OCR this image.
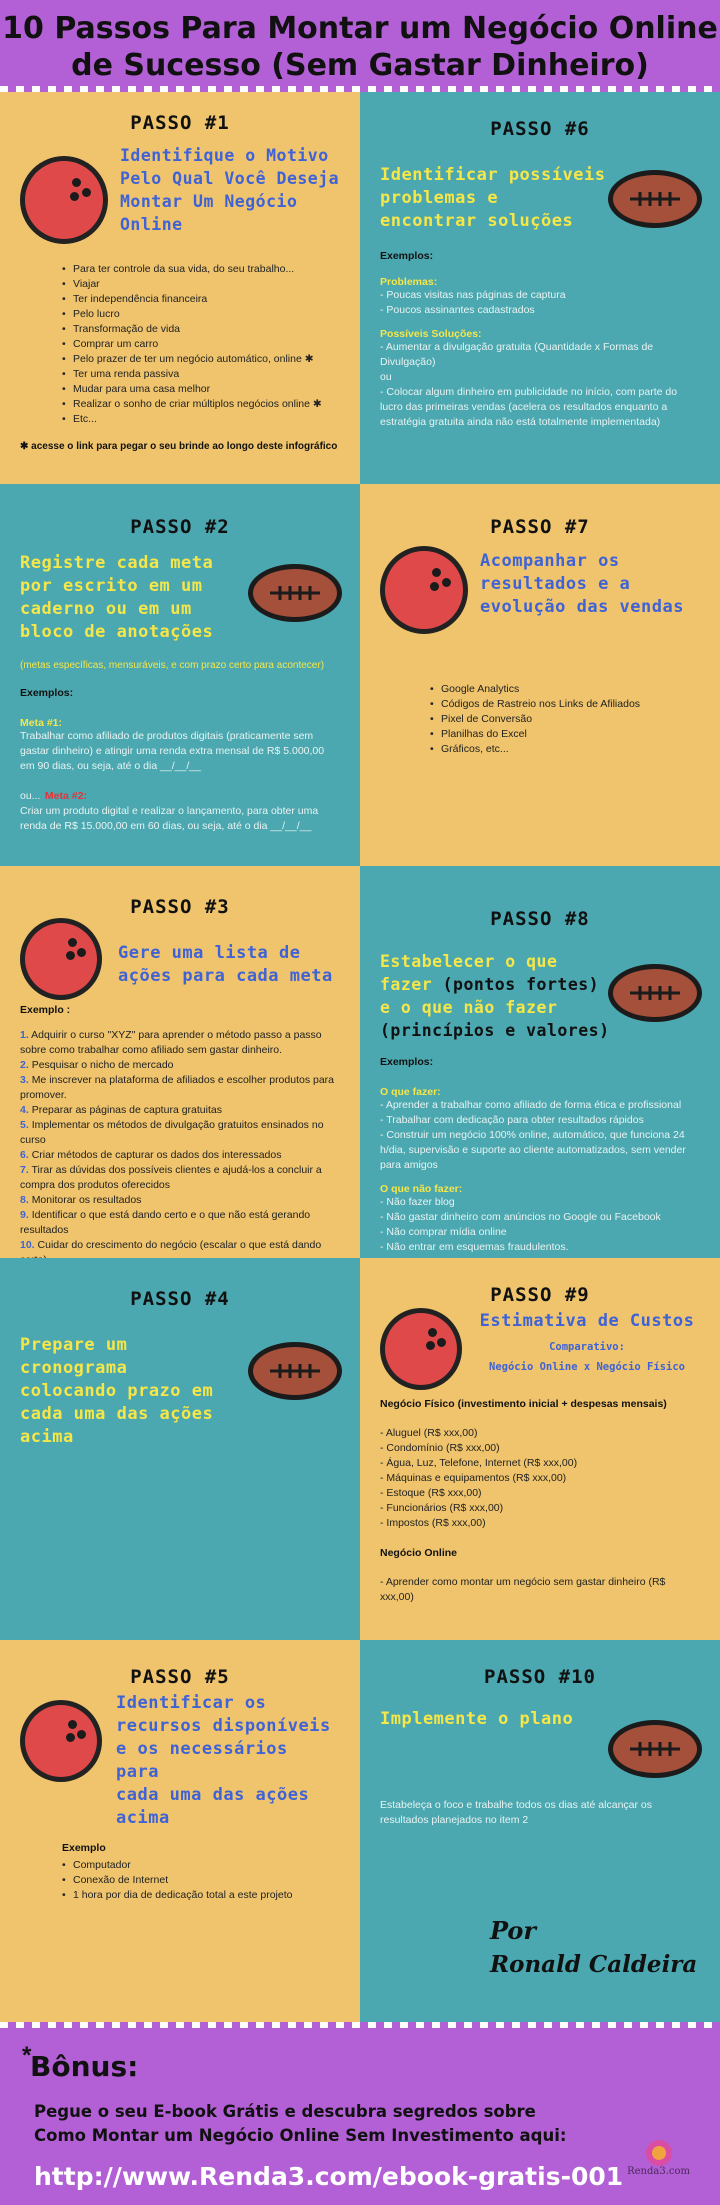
10 Passos Para Montar um Negócio Online
de Sucesso (Sem Gastar Dinheiro)
PASSO #1
Identifique o Motivo
Pelo Qual Você Deseja
Montar Um Negócio
Online
• Para ter controle da sua vida, do seu trabalho...
• Viajar
• Ter independência financeira
• Pelo lucro
• Transformação de vida
• Comprar um carro
• Pelo prazer de ter um negócio automático, online ✱
• Ter uma renda passiva
• Mudar para uma casa melhor
• Realizar o sonho de criar múltiplos negócios online ✱
• Etc...
✱ acesse o link para pegar o seu brinde ao longo deste infográfico
PASSO #6
Identificar possíveis
problemas e
encontrar soluções
Exemplos:
Problemas:
- Poucas visitas nas páginas de captura
- Poucos assinantes cadastrados
Possíveis Soluções:
- Aumentar a divulgação gratuita (Quantidade x Formas de Divulgação)
ou
- Colocar algum dinheiro em publicidade no início, com parte do lucro das primeiras vendas (acelera os resultados enquanto a estratégia gratuita ainda não está totalmente implementada)
PASSO #2
Registre cada meta
por escrito em um
caderno ou em um
bloco de anotações
(metas específicas, mensuráveis, e com prazo certo para acontecer)
Exemplos:
Meta #1:
Trabalhar como afiliado de produtos digitais (praticamente sem gastar dinheiro) e atingir uma renda extra mensal de R$ 5.000,00 em 90 dias, ou seja, até o dia __/__/__
ou... Meta #2:
Criar um produto digital e realizar o lançamento, para obter uma renda de R$ 15.000,00 em 60 dias, ou seja, até o dia __/__/__
PASSO #7
Acompanhar os
resultados e a
evolução das vendas
• Google Analytics
• Códigos de Rastreio nos Links de Afiliados
• Pixel de Conversão
• Planilhas do Excel
• Gráficos, etc...
PASSO #3
Gere uma lista de
ações para cada meta
Exemplo :
1. Adquirir o curso "XYZ" para aprender o método passo a passo sobre como trabalhar como afiliado sem gastar dinheiro.
2. Pesquisar o nicho de mercado
3. Me inscrever na plataforma de afiliados e escolher produtos para promover.
4. Preparar as páginas de captura gratuitas
5. Implementar os métodos de divulgação gratuitos ensinados no curso
6. Criar métodos de capturar os dados dos interessados
7. Tirar as dúvidas dos possíveis clientes e ajudá-los a concluir a compra dos produtos oferecidos
8. Monitorar os resultados
9. Identificar o que está dando certo e o que não está gerando resultados
10. Cuidar do crescimento do negócio (escalar o que está dando
PASSO #8
Estabelecer o que
fazer (pontos fortes)
e o que não fazer
(princípios e valores)
Exemplos:
O que fazer:
- Aprender a trabalhar como afiliado de forma ética e profissional
- Trabalhar com dedicação para obter resultados rápidos
- Construir um negócio 100% online, automático, que funciona 24 h/dia, supervisão e suporte ao cliente automatizados, sem vender para amigos
O que não fazer:
- Não fazer blog
- Não gastar dinheiro com anúncios no Google ou Facebook
- Não comprar mídia online
- Não entrar em esquemas fraudulentos.
PASSO #4
Prepare um
cronograma
colocando prazo em
cada uma das ações
acima
PASSO #9
Estimativa de Custos
Comparativo:
Negócio Online x Negócio Físico
Negócio Físico (investimento inicial + despesas mensais)
- Aluguel (R$ xxx,00)
- Condomínio (R$ xxx,00)
- Água, Luz, Telefone, Internet (R$ xxx,00)
- Máquinas e equipamentos (R$ xxx,00)
- Estoque (R$ xxx,00)
- Funcionários (R$ xxx,00)
- Impostos (R$ xxx,00)
Negócio Online
- Aprender como montar um negócio sem gastar dinheiro (R$ xxx,00)
PASSO #5
Identificar os
recursos disponíveis
e os necessários para
cada uma das ações
acima
Exemplo
• Computador
• Conexão de Internet
• 1 hora por dia de dedicação total a este projeto
PASSO #10
Implemente o plano
Estabeleça o foco e trabalhe todos os dias até alcançar os resultados planejados no item 2
Por
Ronald Caldeira
*
Bônus:
Pegue o seu E-book Grátis e descubra segredos sobre
Como Montar um Negócio Online Sem Investimento aqui:
http://www.Renda3.com/ebook-gratis-001 Renda3.com
